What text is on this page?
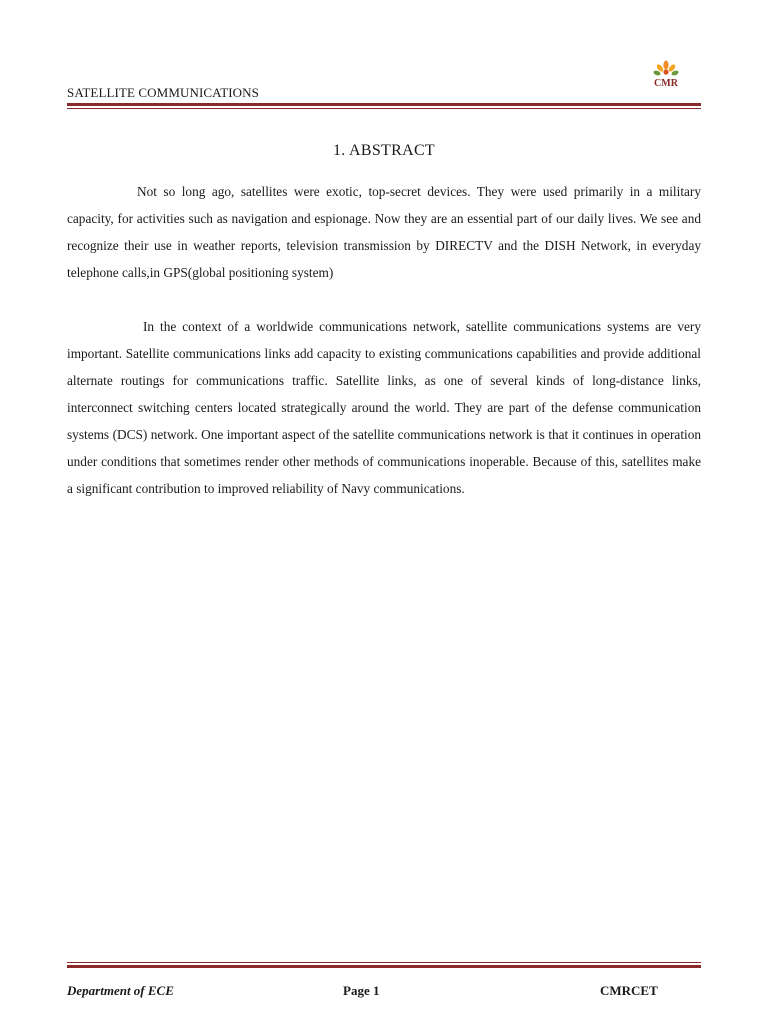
SATELLITE COMMUNICATIONS
CMR
1. ABSTRACT

Not so long ago, satellites were exotic, top-secret devices. They were used primarily in a military capacity, for activities such as navigation and espionage. Now they are an essential part of our daily lives. We see and recognize their use in weather reports, television transmission by DIRECTV and the DISH Network, in everyday telephone calls,in GPS(global positioning system)

In the context of a worldwide communications network, satellite communications systems are very important. Satellite communications links add capacity to existing communications capabilities and provide additional alternate routings for communications traffic. Satellite links, as one of several kinds of long-distance links, interconnect switching centers located strategically around the world. They are part of the defense communication systems (DCS) network. One important aspect of the satellite communications network is that it continues in operation under conditions that sometimes render other methods of communications inoperable. Because of this, satellites make a significant contribution to improved reliability of Navy communications.

Department of ECE	Page 1	CMRCET
